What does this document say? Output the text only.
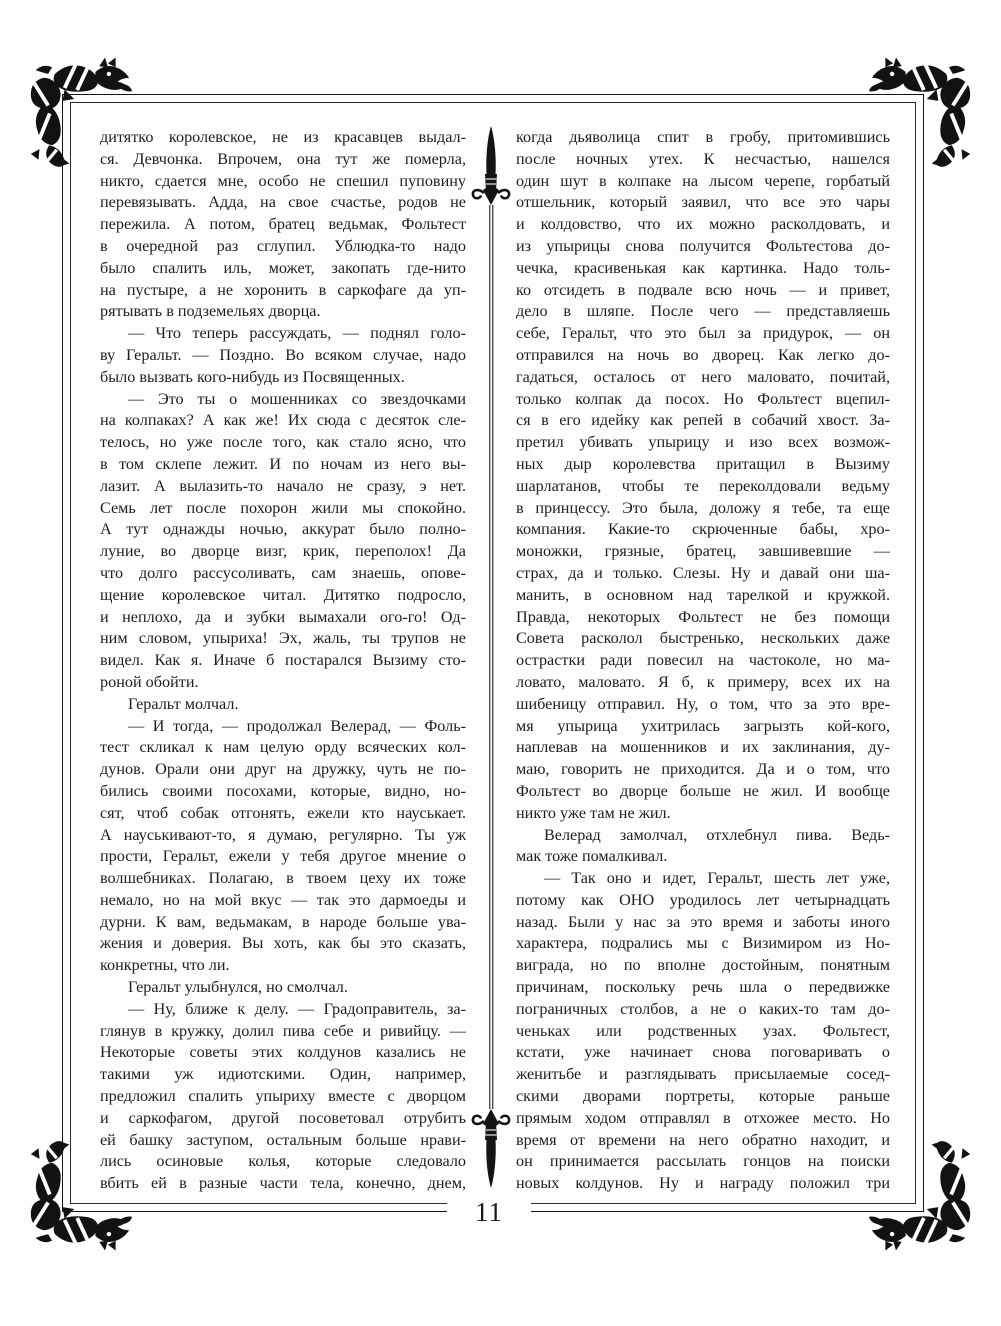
дитятко королевское, не из красавцев выдал-
ся. Девчонка. Впрочем, она тут же померла,
никто, сдается мне, особо не спешил пуповину
перевязывать. Адда, на свое счастье, родов не
пережила. А потом, братец ведьмак, Фольтест
в очередной раз сглупил. Ублюдка-то надо
было спалить иль, может, закопать где-нито
на пустыре, а не хоронить в саркофаге да уп-
рятывать в подземельях дворца.
— Что теперь рассуждать, — поднял голо-
ву Геральт. — Поздно. Во всяком случае, надо
было вызвать кого-нибудь из Посвященных.
— Это ты о мошенниках со звездочками
на колпаках? А как же! Их сюда с десяток сле-
телось, но уже после того, как стало ясно, что
в том склепе лежит. И по ночам из него вы-
лазит. А вылазить-то начало не сразу, э нет.
Семь лет после похорон жили мы спокойно.
А тут однажды ночью, аккурат было полно-
луние, во дворце визг, крик, переполох! Да
что долго рассусоливать, сам знаешь, опове-
щение королевское читал. Дитятко подросло,
и неплохо, да и зубки вымахали ого-го! Од-
ним словом, упыриха! Эх, жаль, ты трупов не
видел. Как я. Иначе б постарался Вызиму сто-
роной обойти.
Геральт молчал.
— И тогда, — продолжал Велерад, — Фоль-
тест скликал к нам целую орду всяческих кол-
дунов. Орали они друг на дружку, чуть не по-
бились своими посохами, которые, видно, но-
сят, чтоб собак отгонять, ежели кто науськает.
А науськивают-то, я думаю, регулярно. Ты уж
прости, Геральт, ежели у тебя другое мнение о
волшебниках. Полагаю, в твоем цеху их тоже
немало, но на мой вкус — так это дармоеды и
дурни. К вам, ведьмакам, в народе больше ува-
жения и доверия. Вы хоть, как бы это сказать,
конкретны, что ли.
Геральт улыбнулся, но смолчал.
— Ну, ближе к делу. — Градоправитель, за-
глянув в кружку, долил пива себе и ривийцу. —
Некоторые советы этих колдунов казались не
такими уж идиотскими. Один, например,
предложил спалить упыриху вместе с дворцом
и саркофагом, другой посоветовал отрубить
ей башку заступом, остальным больше нрави-
лись осиновые колья, которые следовало
вбить ей в разные части тела, конечно, днем,
когда дьяволица спит в гробу, притомившись
после ночных утех. К несчастью, нашелся
один шут в колпаке на лысом черепе, горбатый
отшельник, который заявил, что все это чары
и колдовство, что их можно расколдовать, и
из упырицы снова получится Фольтестова до-
чечка, красивенькая как картинка. Надо толь-
ко отсидеть в подвале всю ночь — и привет,
дело в шляпе. После чего — представляешь
себе, Геральт, что это был за придурок, — он
отправился на ночь во дворец. Как легко до-
гадаться, осталось от него маловато, почитай,
только колпак да посох. Но Фольтест вцепил-
ся в его идейку как репей в собачий хвост. За-
претил убивать упырицу и изо всех возмож-
ных дыр королевства притащил в Вызиму
шарлатанов, чтобы те переколдовали ведьму
в принцессу. Это была, доложу я тебе, та еще
компания. Какие-то скрюченные бабы, хро-
моножки, грязные, братец, завшивевшие —
страх, да и только. Слезы. Ну и давай они ша-
манить, в основном над тарелкой и кружкой.
Правда, некоторых Фольтест не без помощи
Совета расколол быстренько, нескольких даже
острастки ради повесил на частоколе, но ма-
ловато, маловато. Я б, к примеру, всех их на
шибеницу отправил. Ну, о том, что за это вре-
мя упырица ухитрилась загрызть кой-кого,
наплевав на мошенников и их заклинания, ду-
маю, говорить не приходится. Да и о том, что
Фольтест во дворце больше не жил. И вообще
никто уже там не жил.
Велерад замолчал, отхлебнул пива. Ведь-
мак тоже помалкивал.
— Так оно и идет, Геральт, шесть лет уже,
потому как ОНО уродилось лет четырнадцать
назад. Были у нас за это время и заботы иного
характера, подрались мы с Визимиром из Но-
виграда, но по вполне достойным, понятным
причинам, поскольку речь шла о передвижке
пограничных столбов, а не о каких-то там до-
ченьках или родственных узах. Фольтест,
кстати, уже начинает снова поговаривать о
женитьбе и разглядывать присылаемые сосед-
скими дворами портреты, которые раньше
прямым ходом отправлял в отхожее место. Но
время от времени на него обратно находит, и
он принимается рассылать гонцов на поиски
новых колдунов. Ну и награду положил три
11
